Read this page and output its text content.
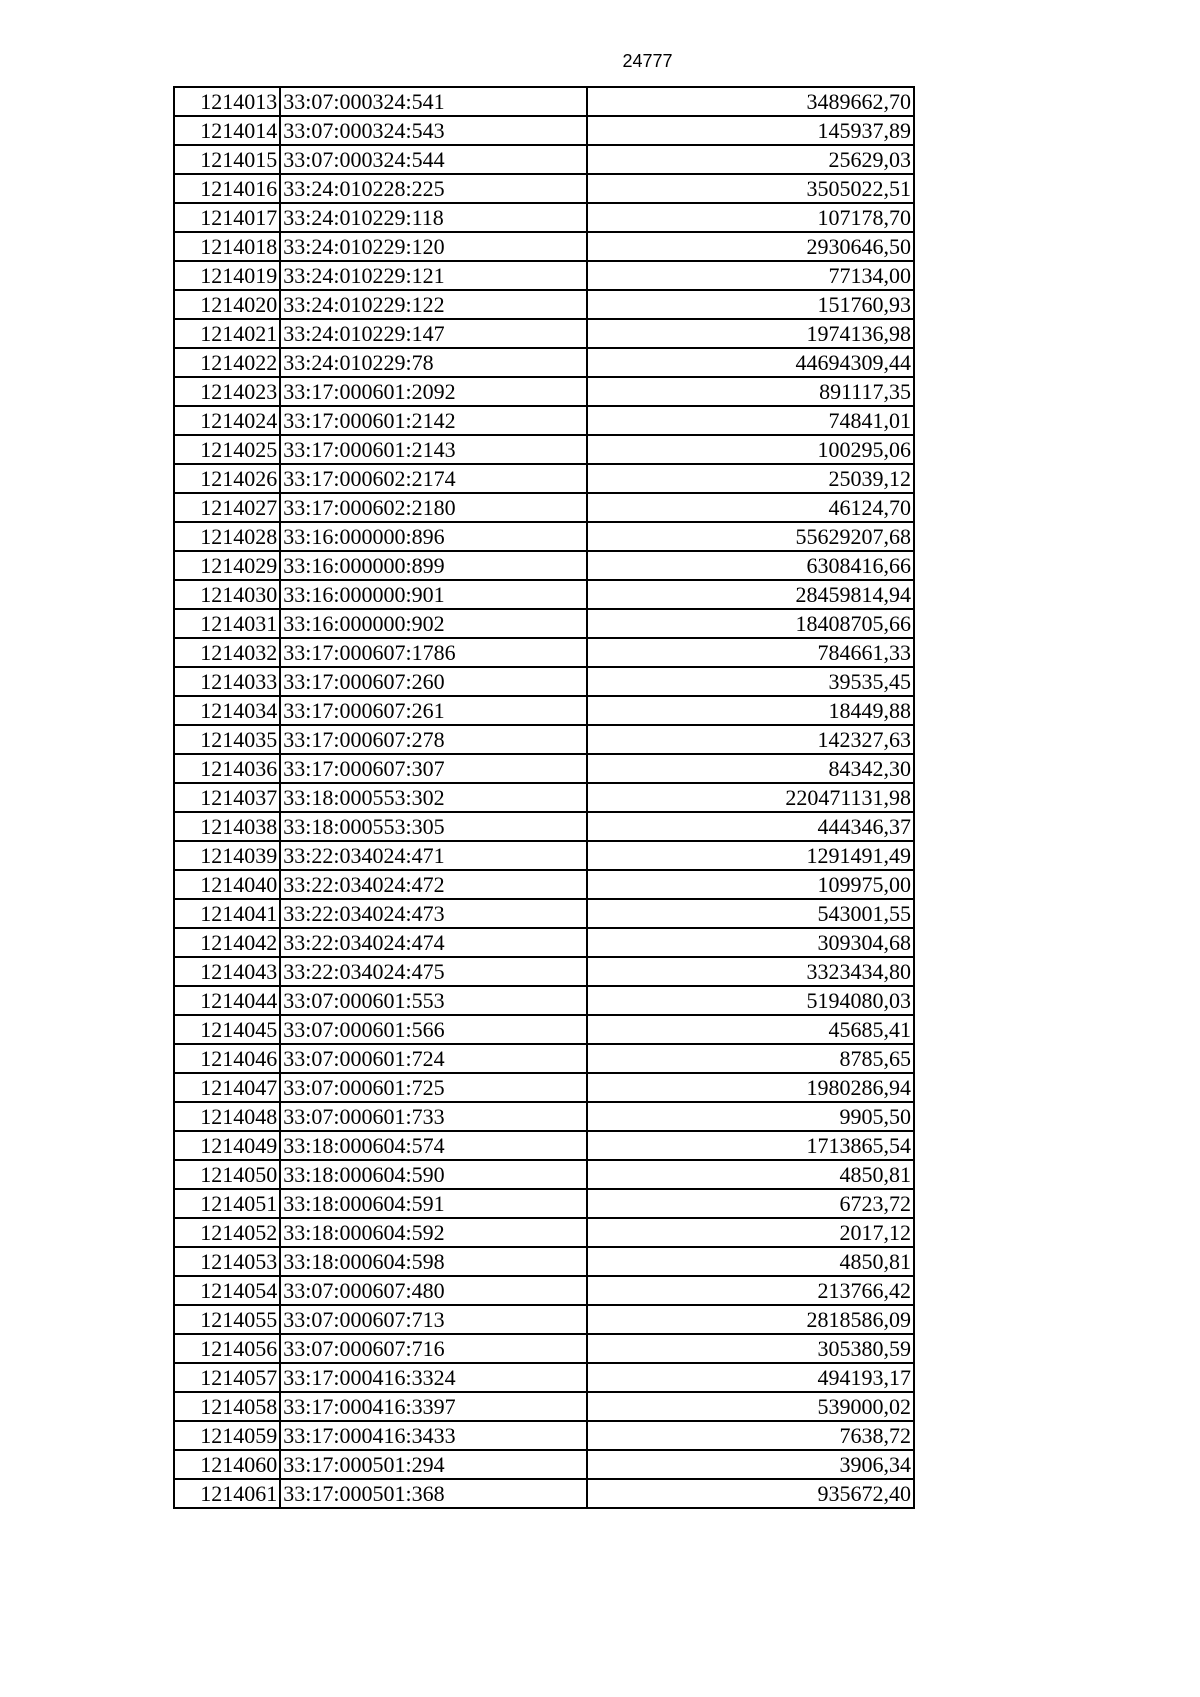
24777
1214013	33:07:000324:541	3489662,70
1214014	33:07:000324:543	145937,89
1214015	33:07:000324:544	25629,03
1214016	33:24:010228:225	3505022,51
1214017	33:24:010229:118	107178,70
1214018	33:24:010229:120	2930646,50
1214019	33:24:010229:121	77134,00
1214020	33:24:010229:122	151760,93
1214021	33:24:010229:147	1974136,98
1214022	33:24:010229:78	44694309,44
1214023	33:17:000601:2092	891117,35
1214024	33:17:000601:2142	74841,01
1214025	33:17:000601:2143	100295,06
1214026	33:17:000602:2174	25039,12
1214027	33:17:000602:2180	46124,70
1214028	33:16:000000:896	55629207,68
1214029	33:16:000000:899	6308416,66
1214030	33:16:000000:901	28459814,94
1214031	33:16:000000:902	18408705,66
1214032	33:17:000607:1786	784661,33
1214033	33:17:000607:260	39535,45
1214034	33:17:000607:261	18449,88
1214035	33:17:000607:278	142327,63
1214036	33:17:000607:307	84342,30
1214037	33:18:000553:302	220471131,98
1214038	33:18:000553:305	444346,37
1214039	33:22:034024:471	1291491,49
1214040	33:22:034024:472	109975,00
1214041	33:22:034024:473	543001,55
1214042	33:22:034024:474	309304,68
1214043	33:22:034024:475	3323434,80
1214044	33:07:000601:553	5194080,03
1214045	33:07:000601:566	45685,41
1214046	33:07:000601:724	8785,65
1214047	33:07:000601:725	1980286,94
1214048	33:07:000601:733	9905,50
1214049	33:18:000604:574	1713865,54
1214050	33:18:000604:590	4850,81
1214051	33:18:000604:591	6723,72
1214052	33:18:000604:592	2017,12
1214053	33:18:000604:598	4850,81
1214054	33:07:000607:480	213766,42
1214055	33:07:000607:713	2818586,09
1214056	33:07:000607:716	305380,59
1214057	33:17:000416:3324	494193,17
1214058	33:17:000416:3397	539000,02
1214059	33:17:000416:3433	7638,72
1214060	33:17:000501:294	3906,34
1214061	33:17:000501:368	935672,40
